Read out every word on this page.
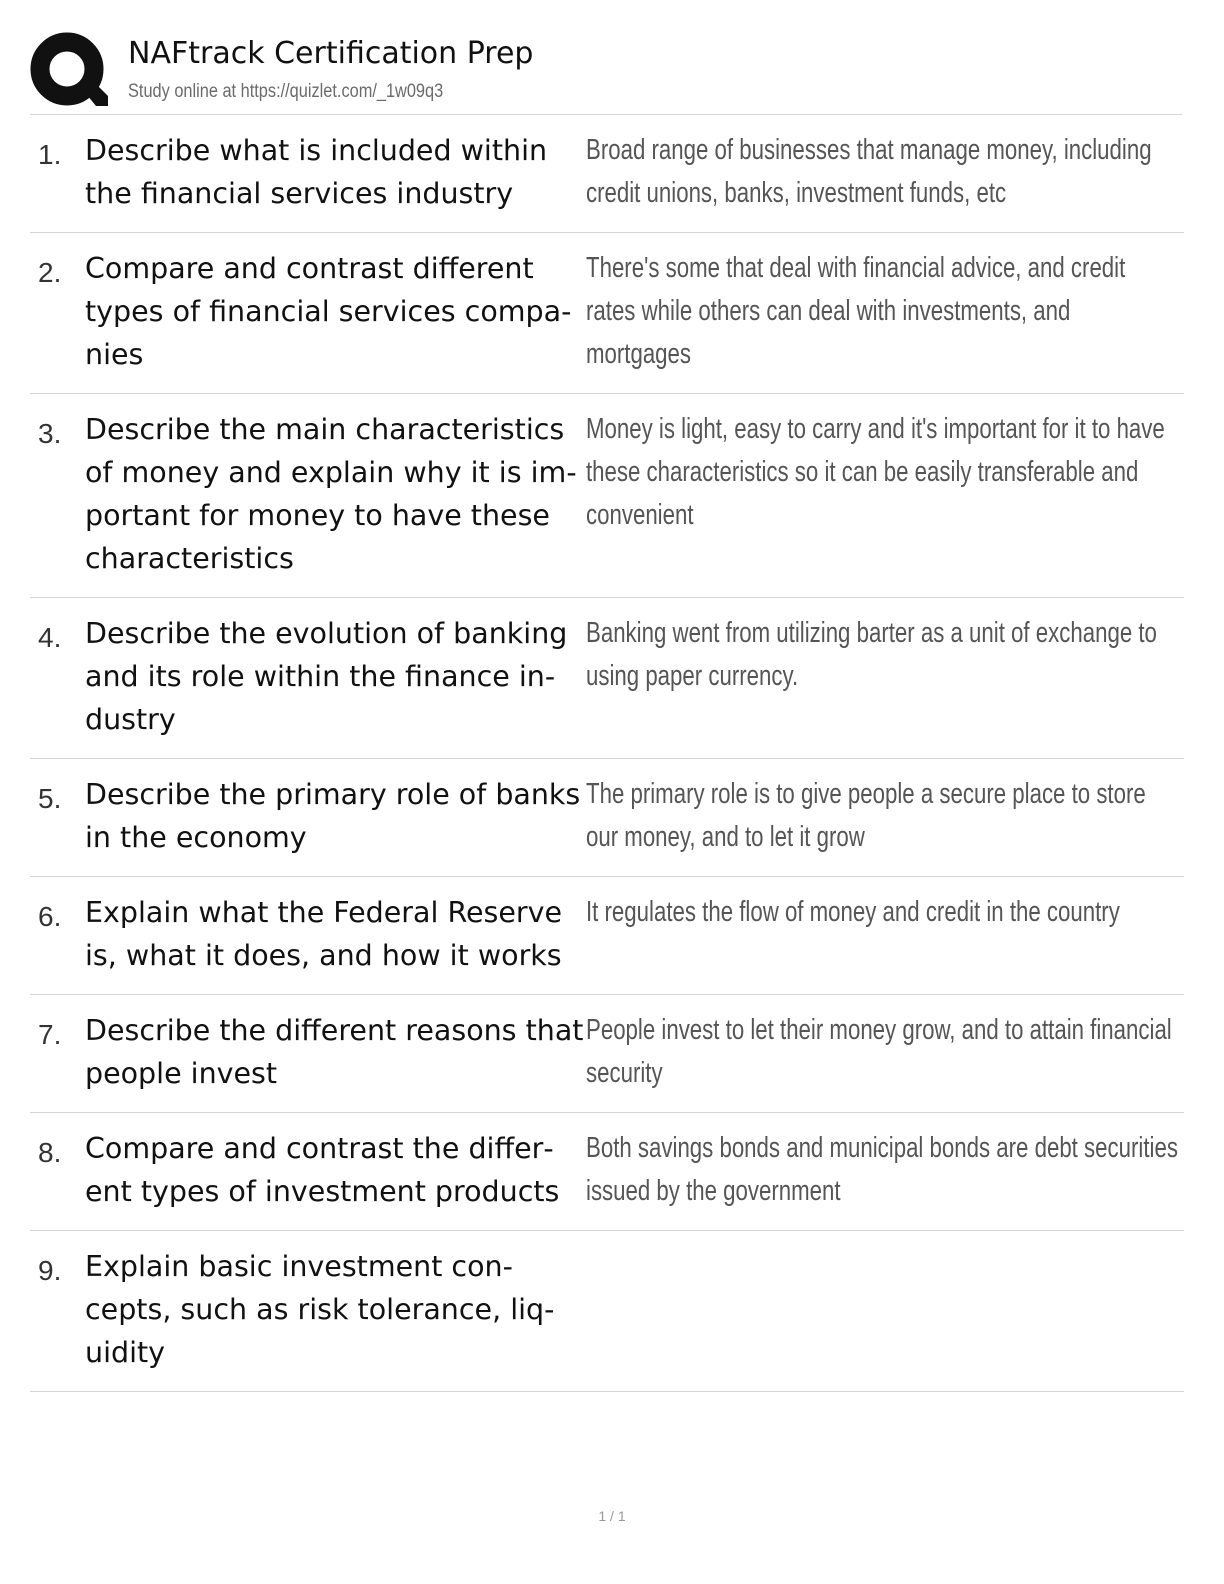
NAFtrack Certification Prep
Study online at https://quizlet.com/_1w09q3
1. Describe what is included within the financial services industry
Broad range of businesses that manage money, including credit unions, banks, investment funds, etc
2. Compare and contrast different types of financial services companies
There's some that deal with financial advice, and credit rates while others can deal with investments, and mortgages
3. Describe the main characteristics of money and explain why it is important for money to have these characteristics
Money is light, easy to carry and it's important for it to have these characteristics so it can be easily transferable and convenient
4. Describe the evolution of banking and its role within the finance industry
Banking went from utilizing barter as a unit of exchange to using paper currency.
5. Describe the primary role of banks in the economy
The primary role is to give people a secure place to store our money, and to let it grow
6. Explain what the Federal Reserve is, what it does, and how it works
It regulates the flow of money and credit in the country
7. Describe the different reasons that people invest
People invest to let their money grow, and to attain financial security
8. Compare and contrast the different types of investment products
Both savings bonds and municipal bonds are debt securities issued by the government
9. Explain basic investment concepts, such as risk tolerance, liquidity
1 / 1
